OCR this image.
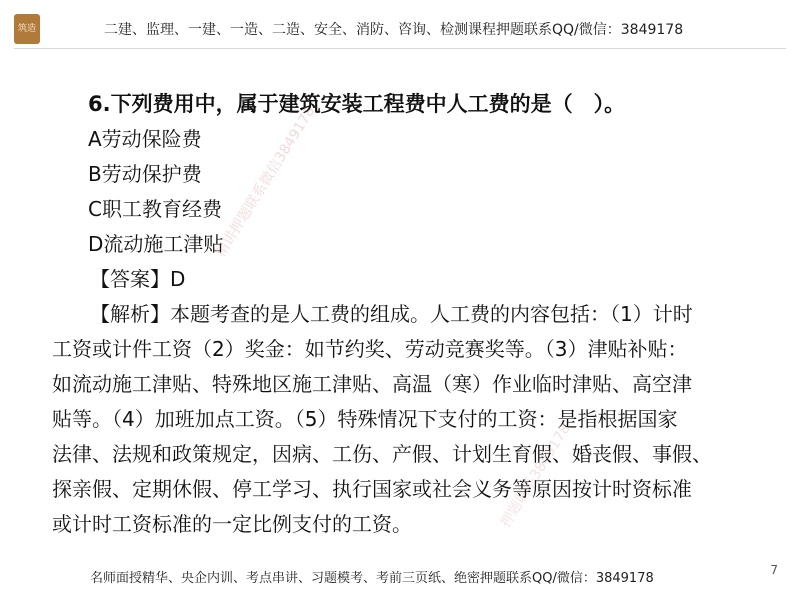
筑造	二建、监理、一建、一造、二造、安全、消防、咨询、检测课程押题联系QQ/微信：3849178
6.下列费用中，属于建筑安装工程费中人工费的是（　）。
A劳动保险费
B劳动保护费
C职工教育经费
D流动施工津贴
【答案】D
【解析】本题考查的是人工费的组成。人工费的内容包括：（1）计时
工资或计件工资（2）奖金：如节约奖、劳动竞赛奖等。（3）津贴补贴：
如流动施工津贴、特殊地区施工津贴、高温（寒）作业临时津贴、高空津
贴等。（4）加班加点工资。（5）特殊情况下支付的工资：是指根据国家
法律、法规和政策规定，因病、工伤、产假、计划生育假、婚丧假、事假、
探亲假、定期休假、停工学习、执行国家或社会义务等原因按计时资标准
或计时工资标准的一定比例支付的工资。
精讲押题联系微信3849178
押题联系3849178
名师面授精华、央企内训、考点串讲、习题模考、考前三页纸、绝密押题联系QQ/微信：3849178
7
